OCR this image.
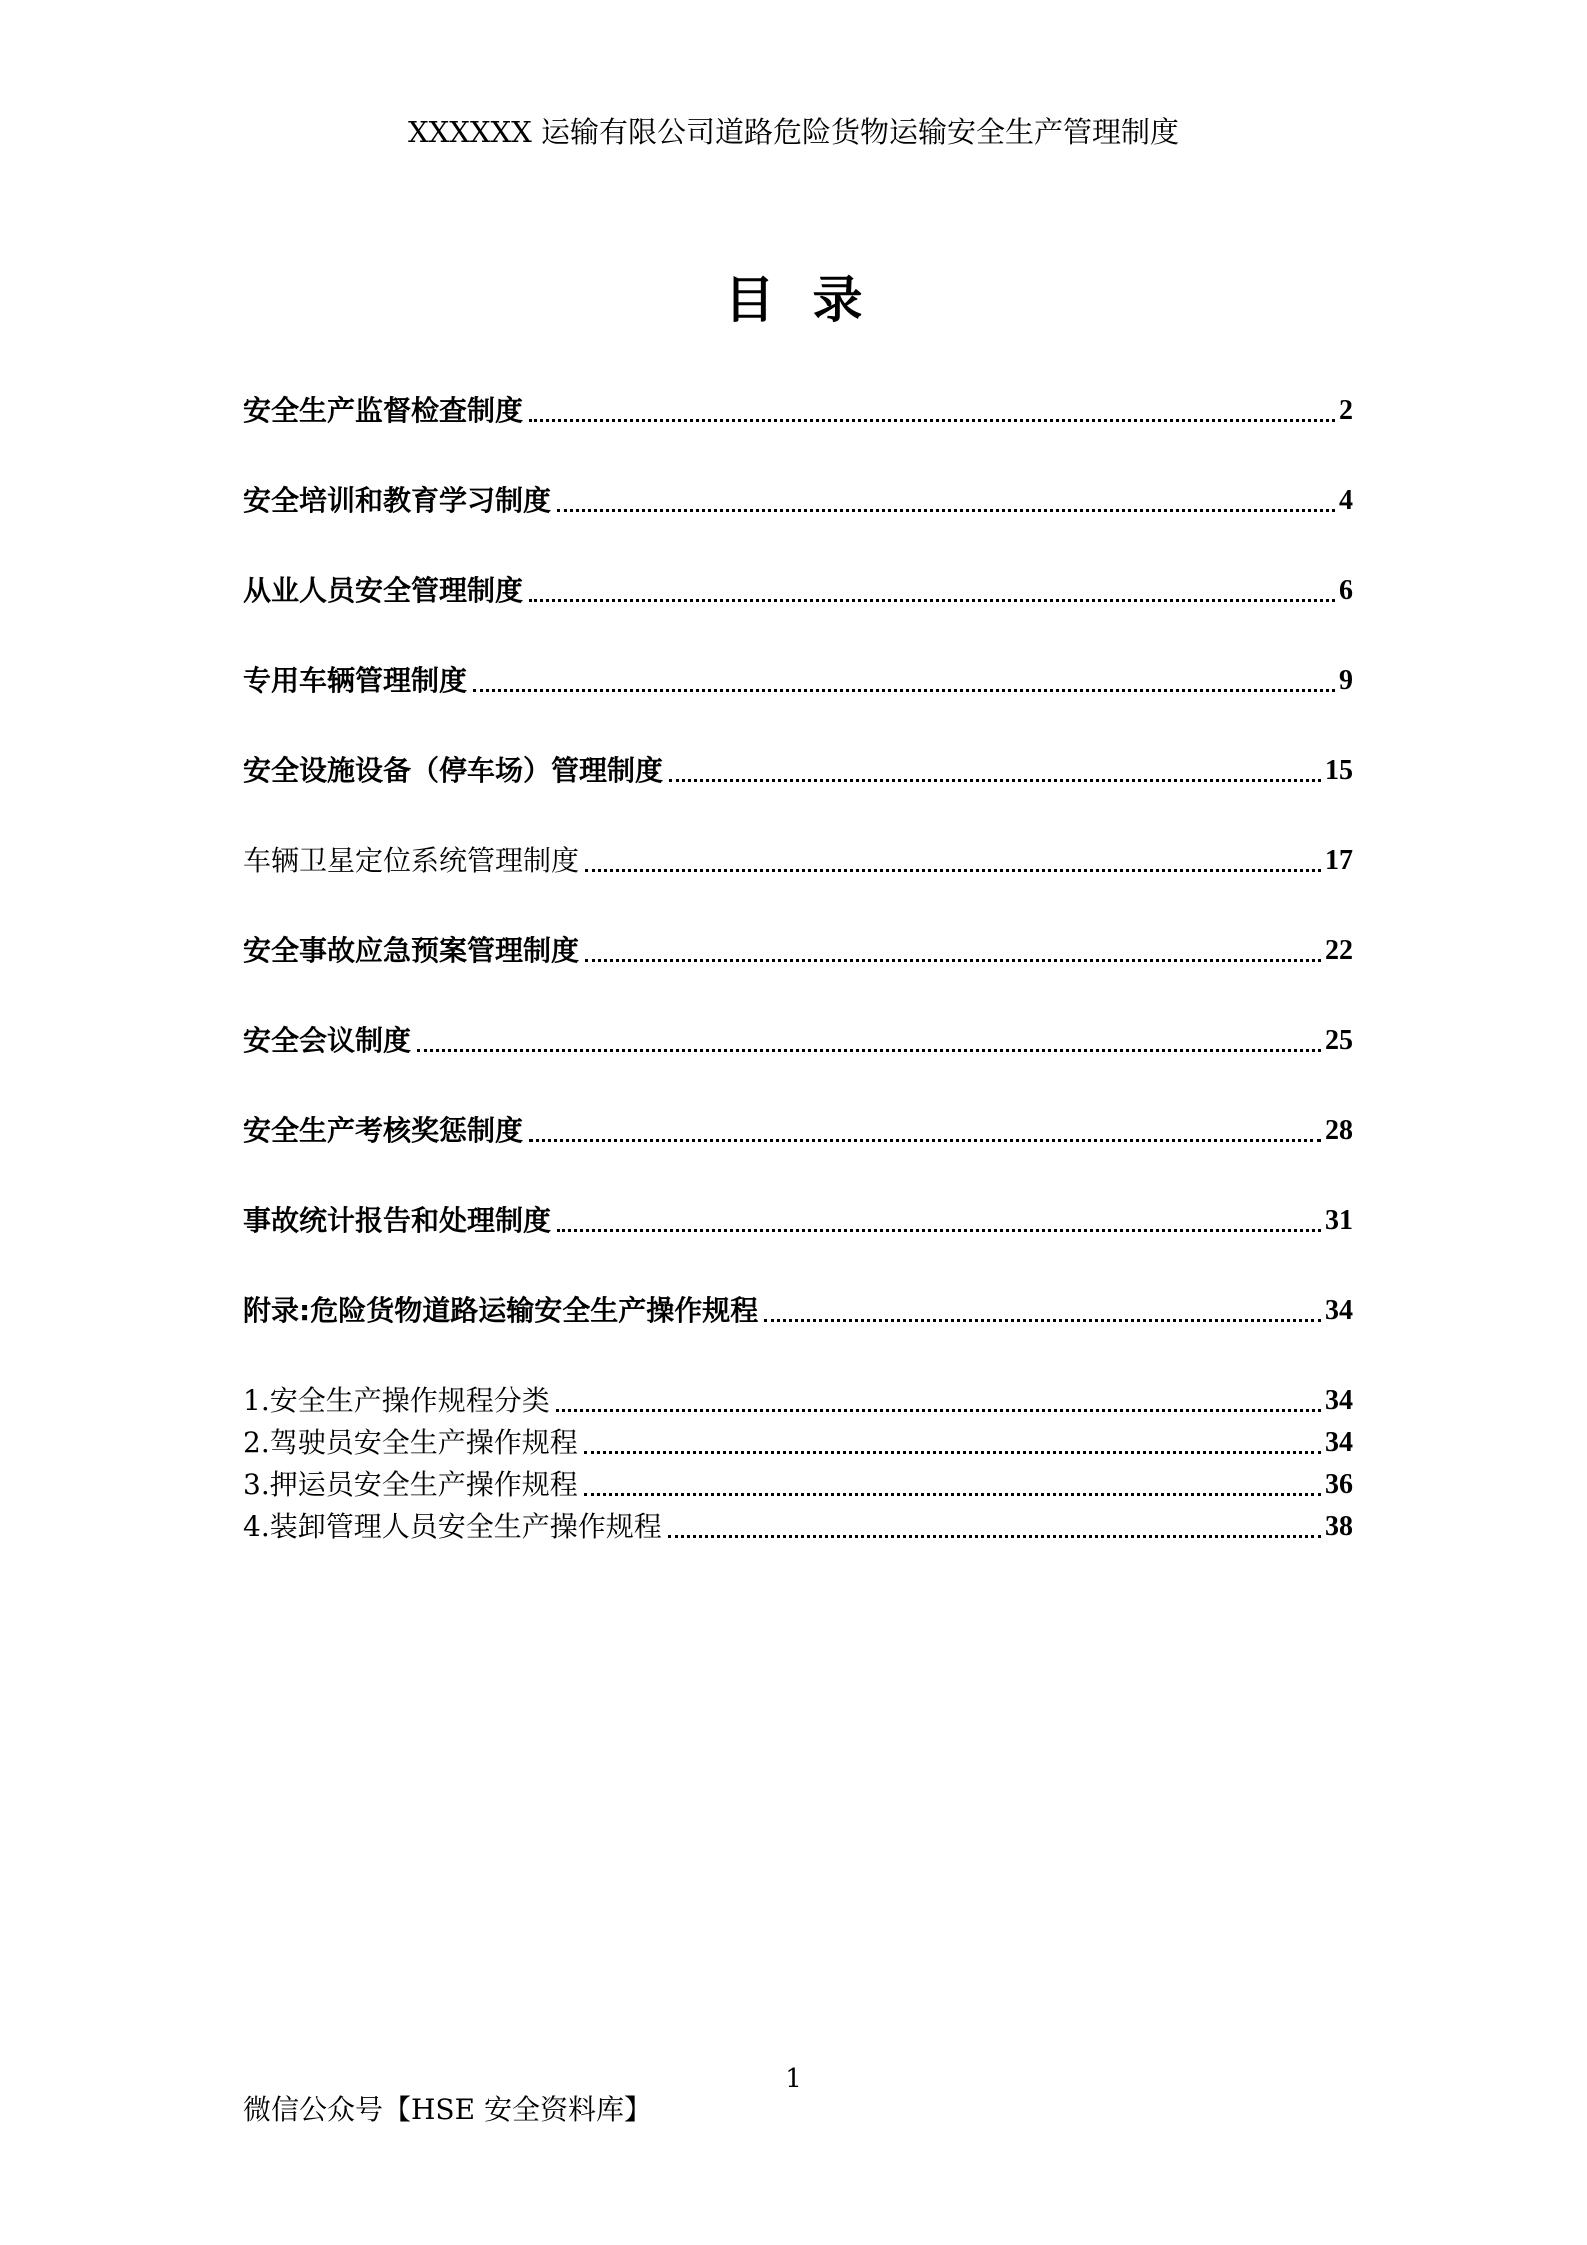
XXXXXX 运输有限公司道路危险货物运输安全生产管理制度
目录
安全生产监督检查制度	2
安全培训和教育学习制度	4
从业人员安全管理制度	6
专用车辆管理制度	9
安全设施设备（停车场）管理制度	15
车辆卫星定位系统管理制度	17
安全事故应急预案管理制度	22
安全会议制度	25
安全生产考核奖惩制度	28
事故统计报告和处理制度	31
附录:危险货物道路运输安全生产操作规程	34
1.安全生产操作规程分类	34
2.驾驶员安全生产操作规程	34
3.押运员安全生产操作规程	36
4.装卸管理人员安全生产操作规程	38
1
微信公众号【HSE 安全资料库】
